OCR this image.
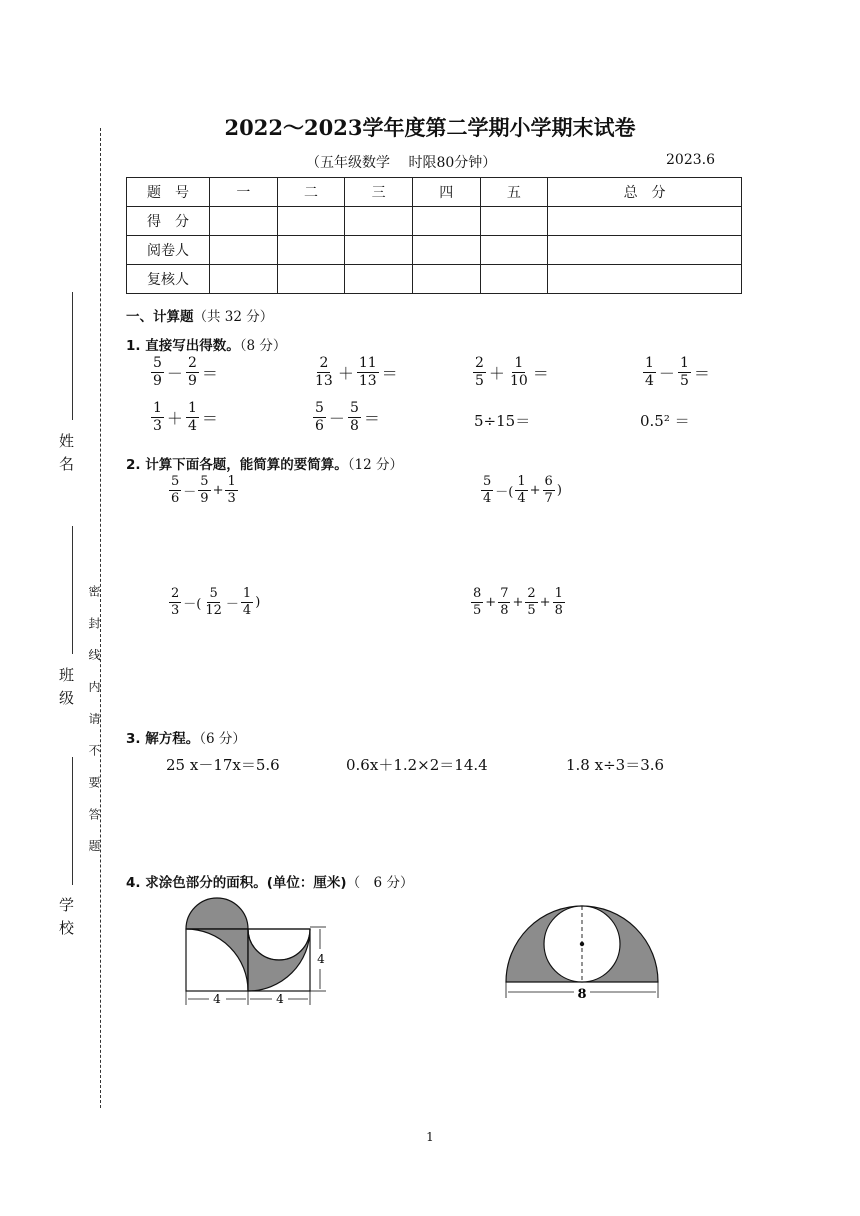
姓名
班级
学校
密 封 线 内 请 不 要 答 题
2022～2023学年度第二学期小学期末试卷
（五年级数学　 时限80分钟）	2023.6
题　号	一	二	三	四	五	总　分
得　分						
阅卷人						
复核人						
一、计算题（共 32 分）
1. 直接写出得数。（8 分）
$\frac{5}{9} - \frac{2}{9}$ ＝	$\frac{2}{13} + \frac{11}{13}$ ＝	$\frac{2}{5} + \frac{1}{10}$ ＝	$\frac{1}{4} - \frac{1}{5}$ ＝
$\frac{1}{3} + \frac{1}{4}$ ＝	$\frac{5}{6} - \frac{5}{8}$ ＝	5÷15＝	0.5² ＝
2. 计算下面各题，能简算的要简算。（12 分）
$\frac{5}{6} - \frac{5}{9} + \frac{1}{3}$	$\frac{5}{4}$ －( $\frac{1}{4} + \frac{6}{7}$ )
$\frac{2}{3}$ －( $\frac{5}{12} - \frac{1}{4}$ )	$\frac{8}{5} + \frac{7}{8} + \frac{2}{5} + \frac{1}{8}$
3. 解方程。（6 分）
25 x－17x＝5.6	0.6x＋1.2×2＝14.4	1.8 x÷3＝3.6
4. 求涂色部分的面积。(单位：厘米)（　6 分）
4	4
4
8
1
